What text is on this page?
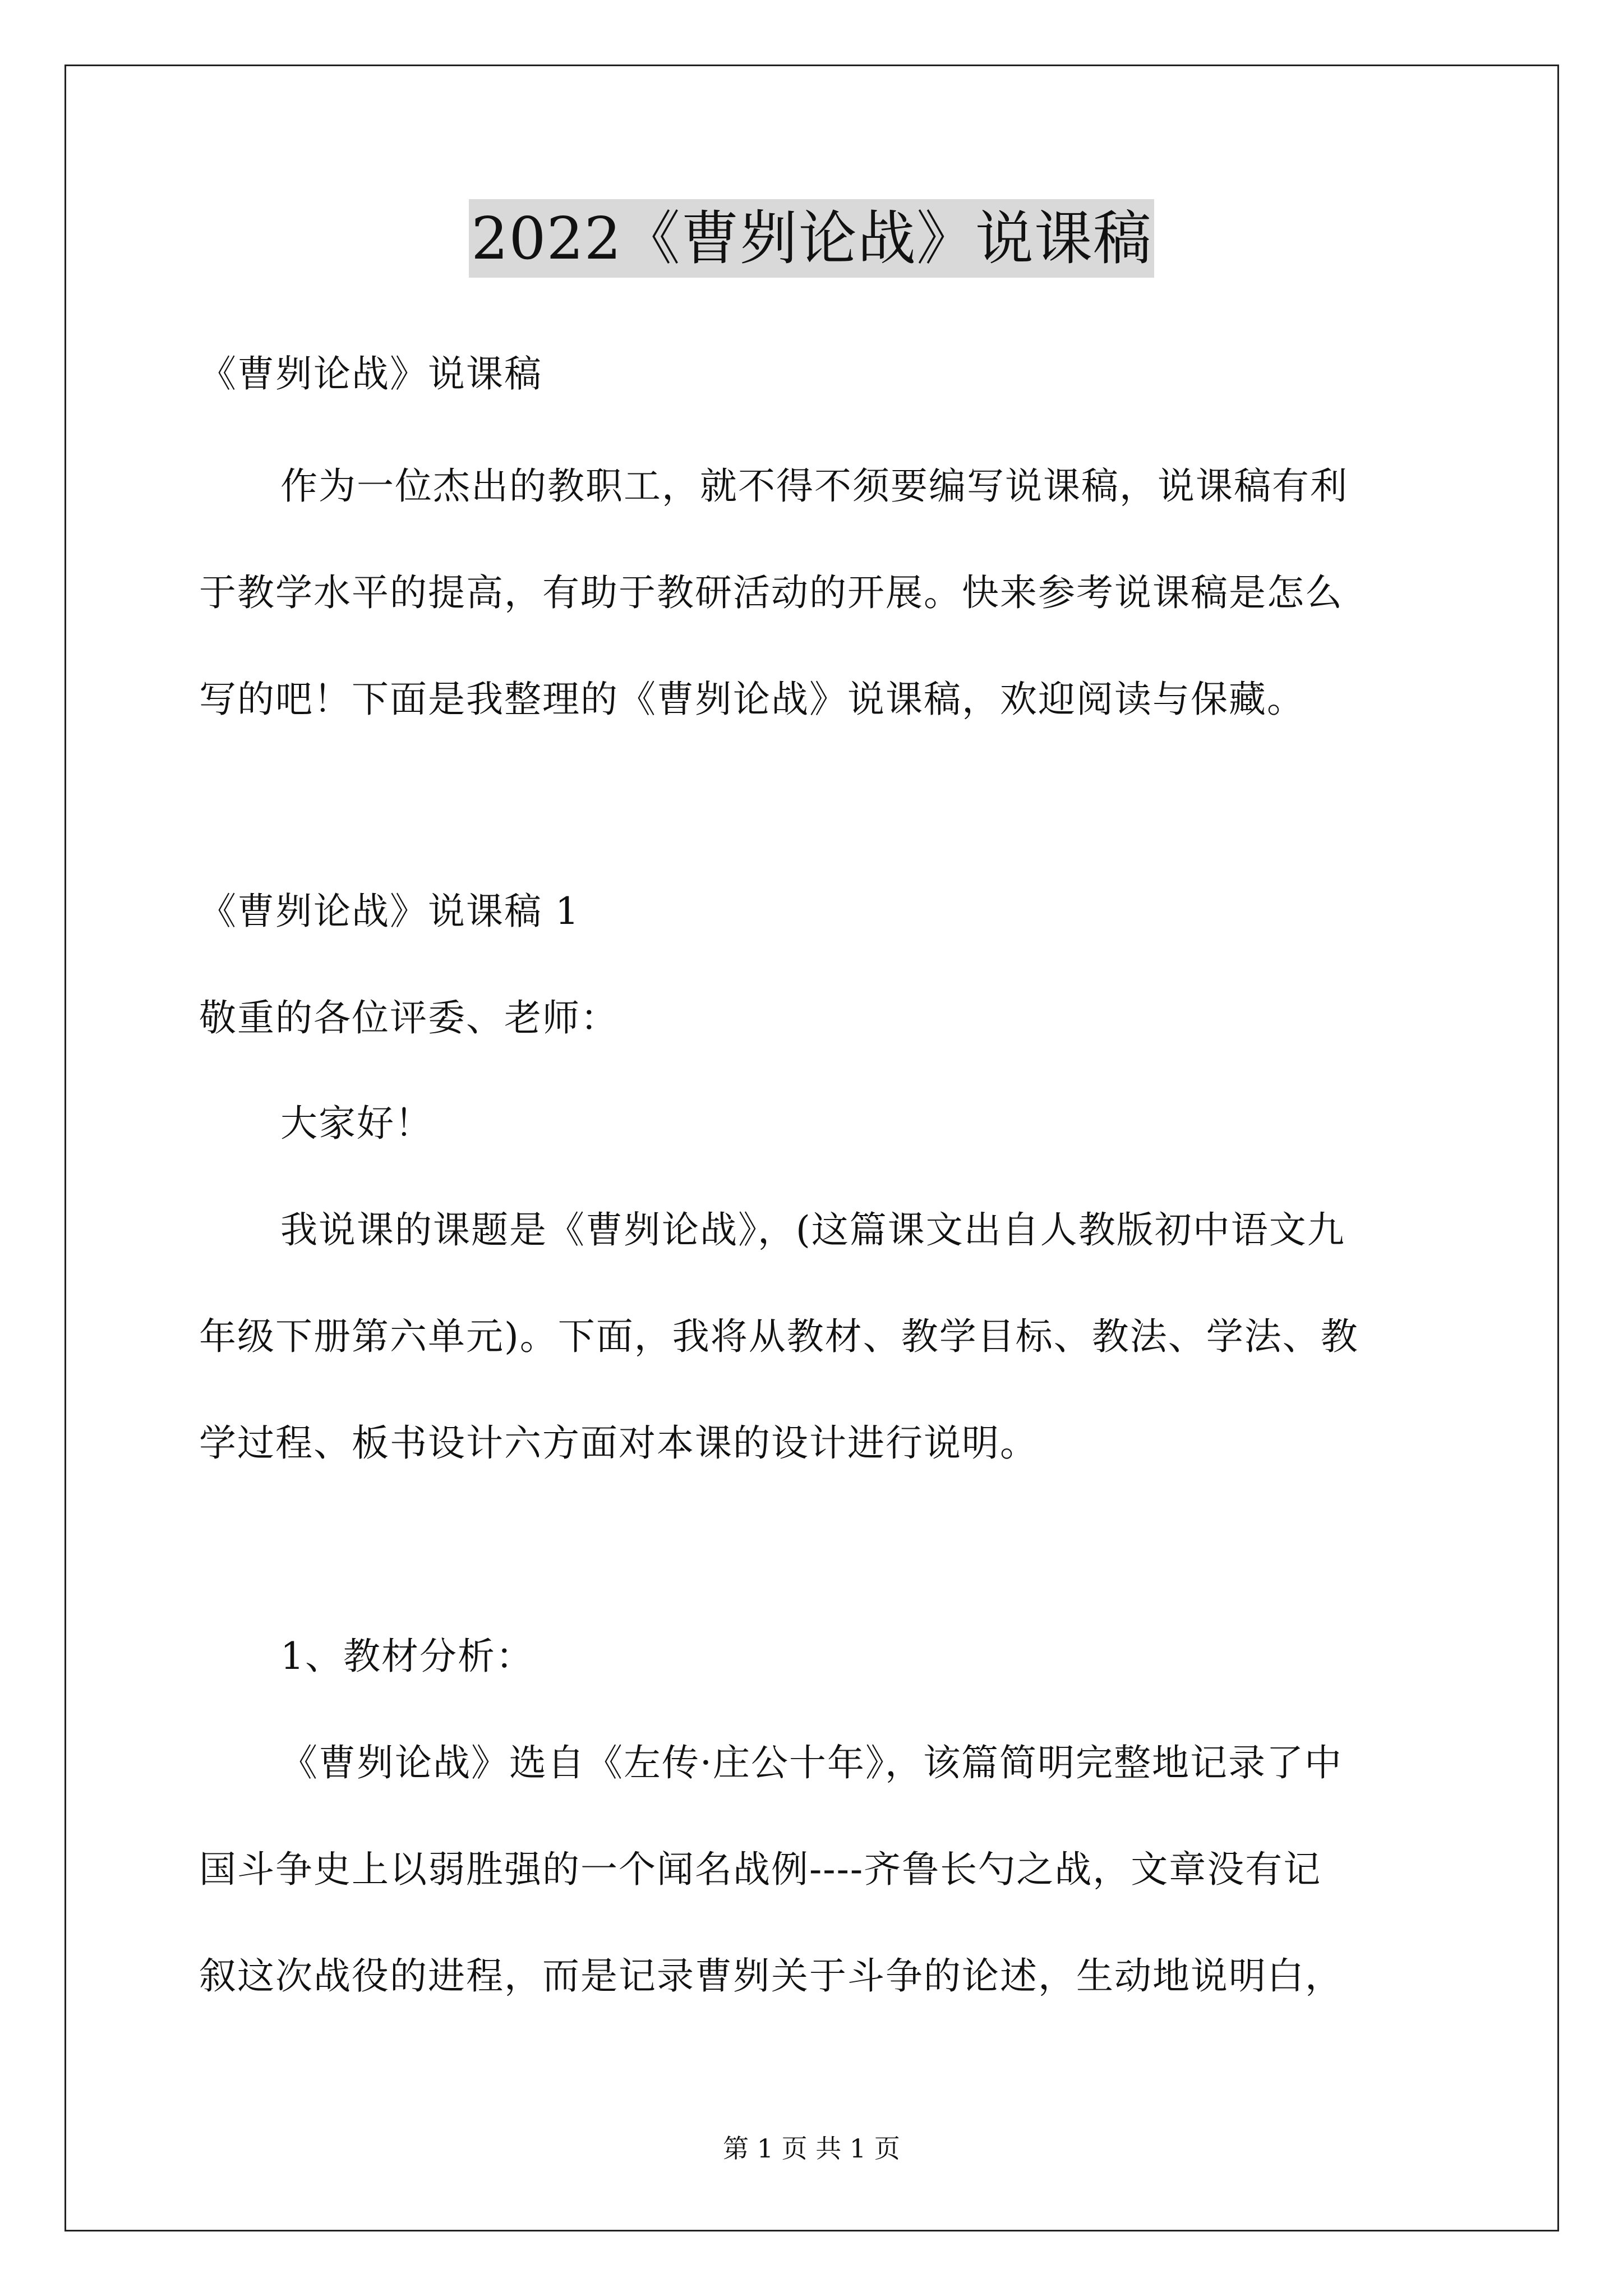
2022《曹刿论战》说课稿
《曹刿论战》说课稿
作为一位杰出的教职工，就不得不须要编写说课稿，说课稿有利
于教学水平的提高，有助于教研活动的开展。快来参考说课稿是怎么
写的吧！下面是我整理的《曹刿论战》说课稿，欢迎阅读与保藏。
《曹刿论战》说课稿 1
敬重的各位评委、老师：
大家好！
我说课的课题是《曹刿论战》，(这篇课文出自人教版初中语文九
年级下册第六单元)。下面，我将从教材、教学目标、教法、学法、教
学过程、板书设计六方面对本课的设计进行说明。
1、教材分析：
《曹刿论战》选自《左传·庄公十年》，该篇简明完整地记录了中
国斗争史上以弱胜强的一个闻名战例----齐鲁长勺之战，文章没有记
叙这次战役的进程，而是记录曹刿关于斗争的论述，生动地说明白，
第 1 页 共 1 页
